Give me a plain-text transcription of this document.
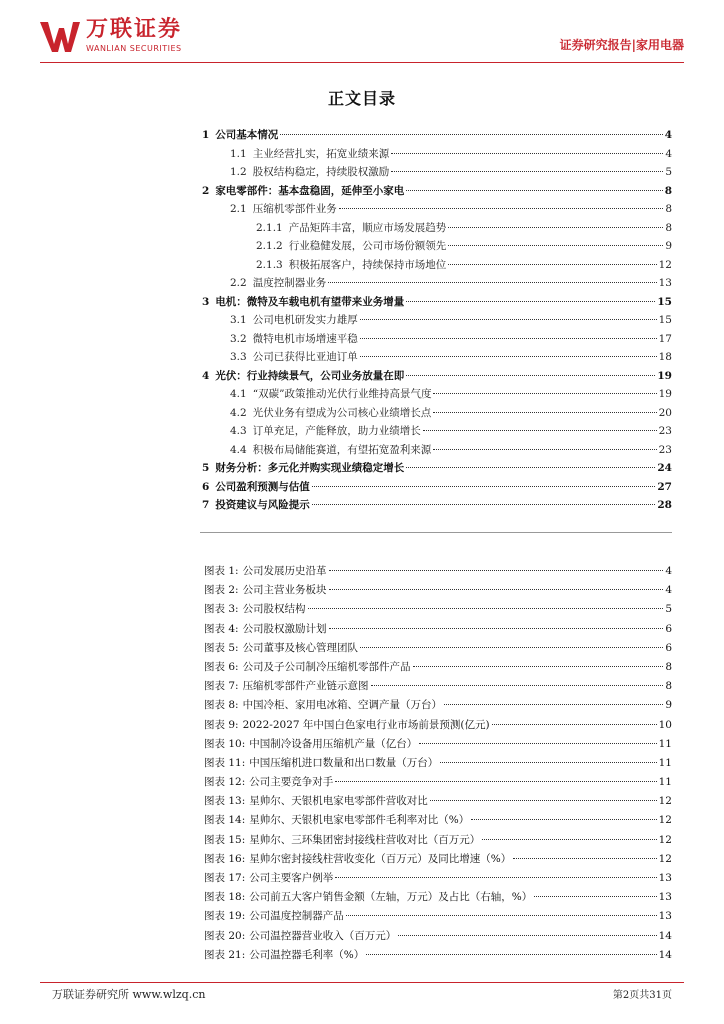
万联证券
WANLIAN SECURITIES	证券研究报告|家用电器
正文目录
1 公司基本情况	4
1.1 主业经营扎实，拓宽业绩来源	4
1.2 股权结构稳定，持续股权激励	5
2 家电零部件：基本盘稳固，延伸至小家电	8
2.1 压缩机零部件业务	8
2.1.1 产品矩阵丰富，顺应市场发展趋势	8
2.1.2 行业稳健发展，公司市场份额领先	9
2.1.3 积极拓展客户，持续保持市场地位	12
2.2 温度控制器业务	13
3 电机：微特及车载电机有望带来业务增量	15
3.1 公司电机研发实力雄厚	15
3.2 微特电机市场增速平稳	17
3.3 公司已获得比亚迪订单	18
4 光伏：行业持续景气，公司业务放量在即	19
4.1 “双碳”政策推动光伏行业维持高景气度	19
4.2 光伏业务有望成为公司核心业绩增长点	20
4.3 订单充足，产能释放，助力业绩增长	23
4.4 积极布局储能赛道，有望拓宽盈利来源	23
5 财务分析：多元化并购实现业绩稳定增长	24
6 公司盈利预测与估值	27
7 投资建议与风险提示	28
图表 1: 公司发展历史沿革	4
图表 2: 公司主营业务板块	4
图表 3: 公司股权结构	5
图表 4: 公司股权激励计划	6
图表 5: 公司董事及核心管理团队	6
图表 6: 公司及子公司制冷压缩机零部件产品	8
图表 7: 压缩机零部件产业链示意图	8
图表 8: 中国冷柜、家用电冰箱、空调产量（万台）	9
图表 9: 2022-2027 年中国白色家电行业市场前景预测(亿元)	10
图表 10: 中国制冷设备用压缩机产量（亿台）	11
图表 11: 中国压缩机进口数量和出口数量（万台）	11
图表 12: 公司主要竞争对手	11
图表 13: 星帅尔、天银机电家电零部件营收对比	12
图表 14: 星帅尔、天银机电家电零部件毛利率对比（%）	12
图表 15: 星帅尔、三环集团密封接线柱营收对比（百万元）	12
图表 16: 星帅尔密封接线柱营收变化（百万元）及同比增速（%）	12
图表 17: 公司主要客户例举	13
图表 18: 公司前五大客户销售金额（左轴，万元）及占比（右轴，%）	13
图表 19: 公司温度控制器产品	13
图表 20: 公司温控器营业收入（百万元）	14
图表 21: 公司温控器毛利率（%）	14
万联证券研究所 www.wlzq.cn	第2页共31页
